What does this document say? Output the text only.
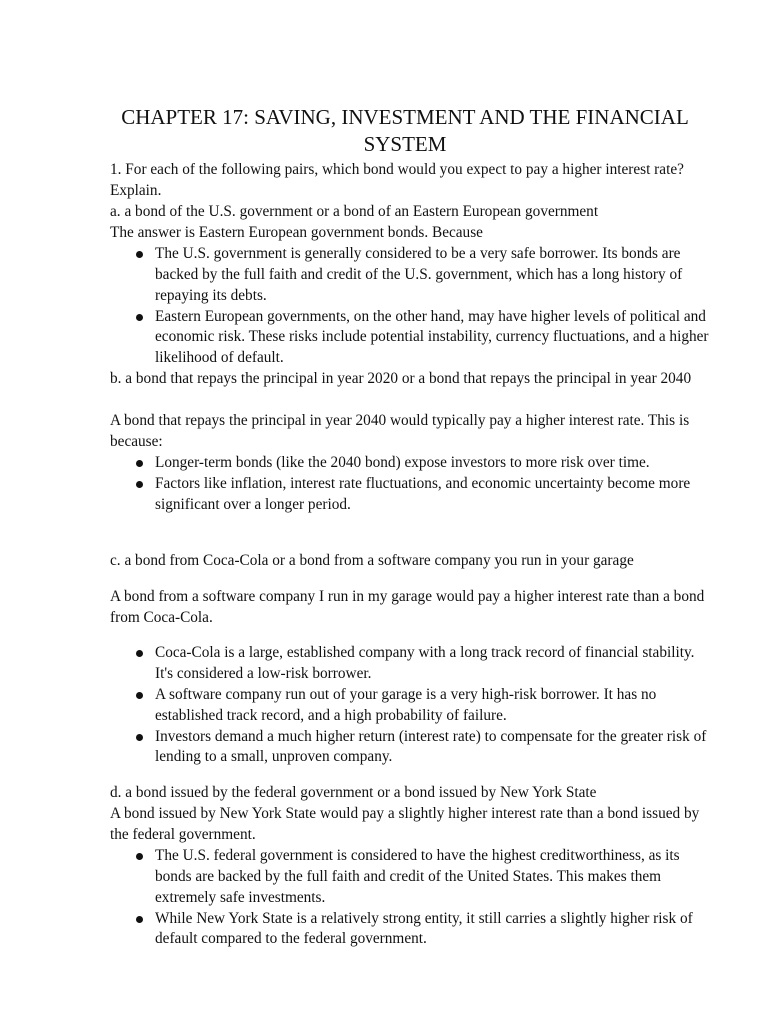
CHAPTER 17: SAVING, INVESTMENT AND THE FINANCIAL SYSTEM

1. For each of the following pairs, which bond would you expect to pay a higher interest rate? Explain.

a. a bond of the U.S. government or a bond of an Eastern European government

The answer is Eastern European government bonds. Because

The U.S. government is generally considered to be a very safe borrower. Its bonds are backed by the full faith and credit of the U.S. government, which has a long history of repaying its debts.
Eastern European governments, on the other hand, may have higher levels of political and economic risk. These risks include potential instability, currency fluctuations, and a higher likelihood of default.

b. a bond that repays the principal in year 2020 or a bond that repays the principal in year 2040

A bond that repays the principal in year 2040 would typically pay a higher interest rate. This is because:

Longer-term bonds (like the 2040 bond) expose investors to more risk over time.
Factors like inflation, interest rate fluctuations, and economic uncertainty become more significant over a longer period.

c. a bond from Coca-Cola or a bond from a software company you run in your garage

A bond from a software company I run in my garage would pay a higher interest rate than a bond from Coca-Cola.

Coca-Cola is a large, established company with a long track record of financial stability. It's considered a low-risk borrower.
A software company run out of your garage is a very high-risk borrower. It has no established track record, and a high probability of failure.
Investors demand a much higher return (interest rate) to compensate for the greater risk of lending to a small, unproven company.

d. a bond issued by the federal government or a bond issued by New York State

A bond issued by New York State would pay a slightly higher interest rate than a bond issued by the federal government.

The U.S. federal government is considered to have the highest creditworthiness, as its bonds are backed by the full faith and credit of the United States. This makes them extremely safe investments.
While New York State is a relatively strong entity, it still carries a slightly higher risk of default compared to the federal government.
